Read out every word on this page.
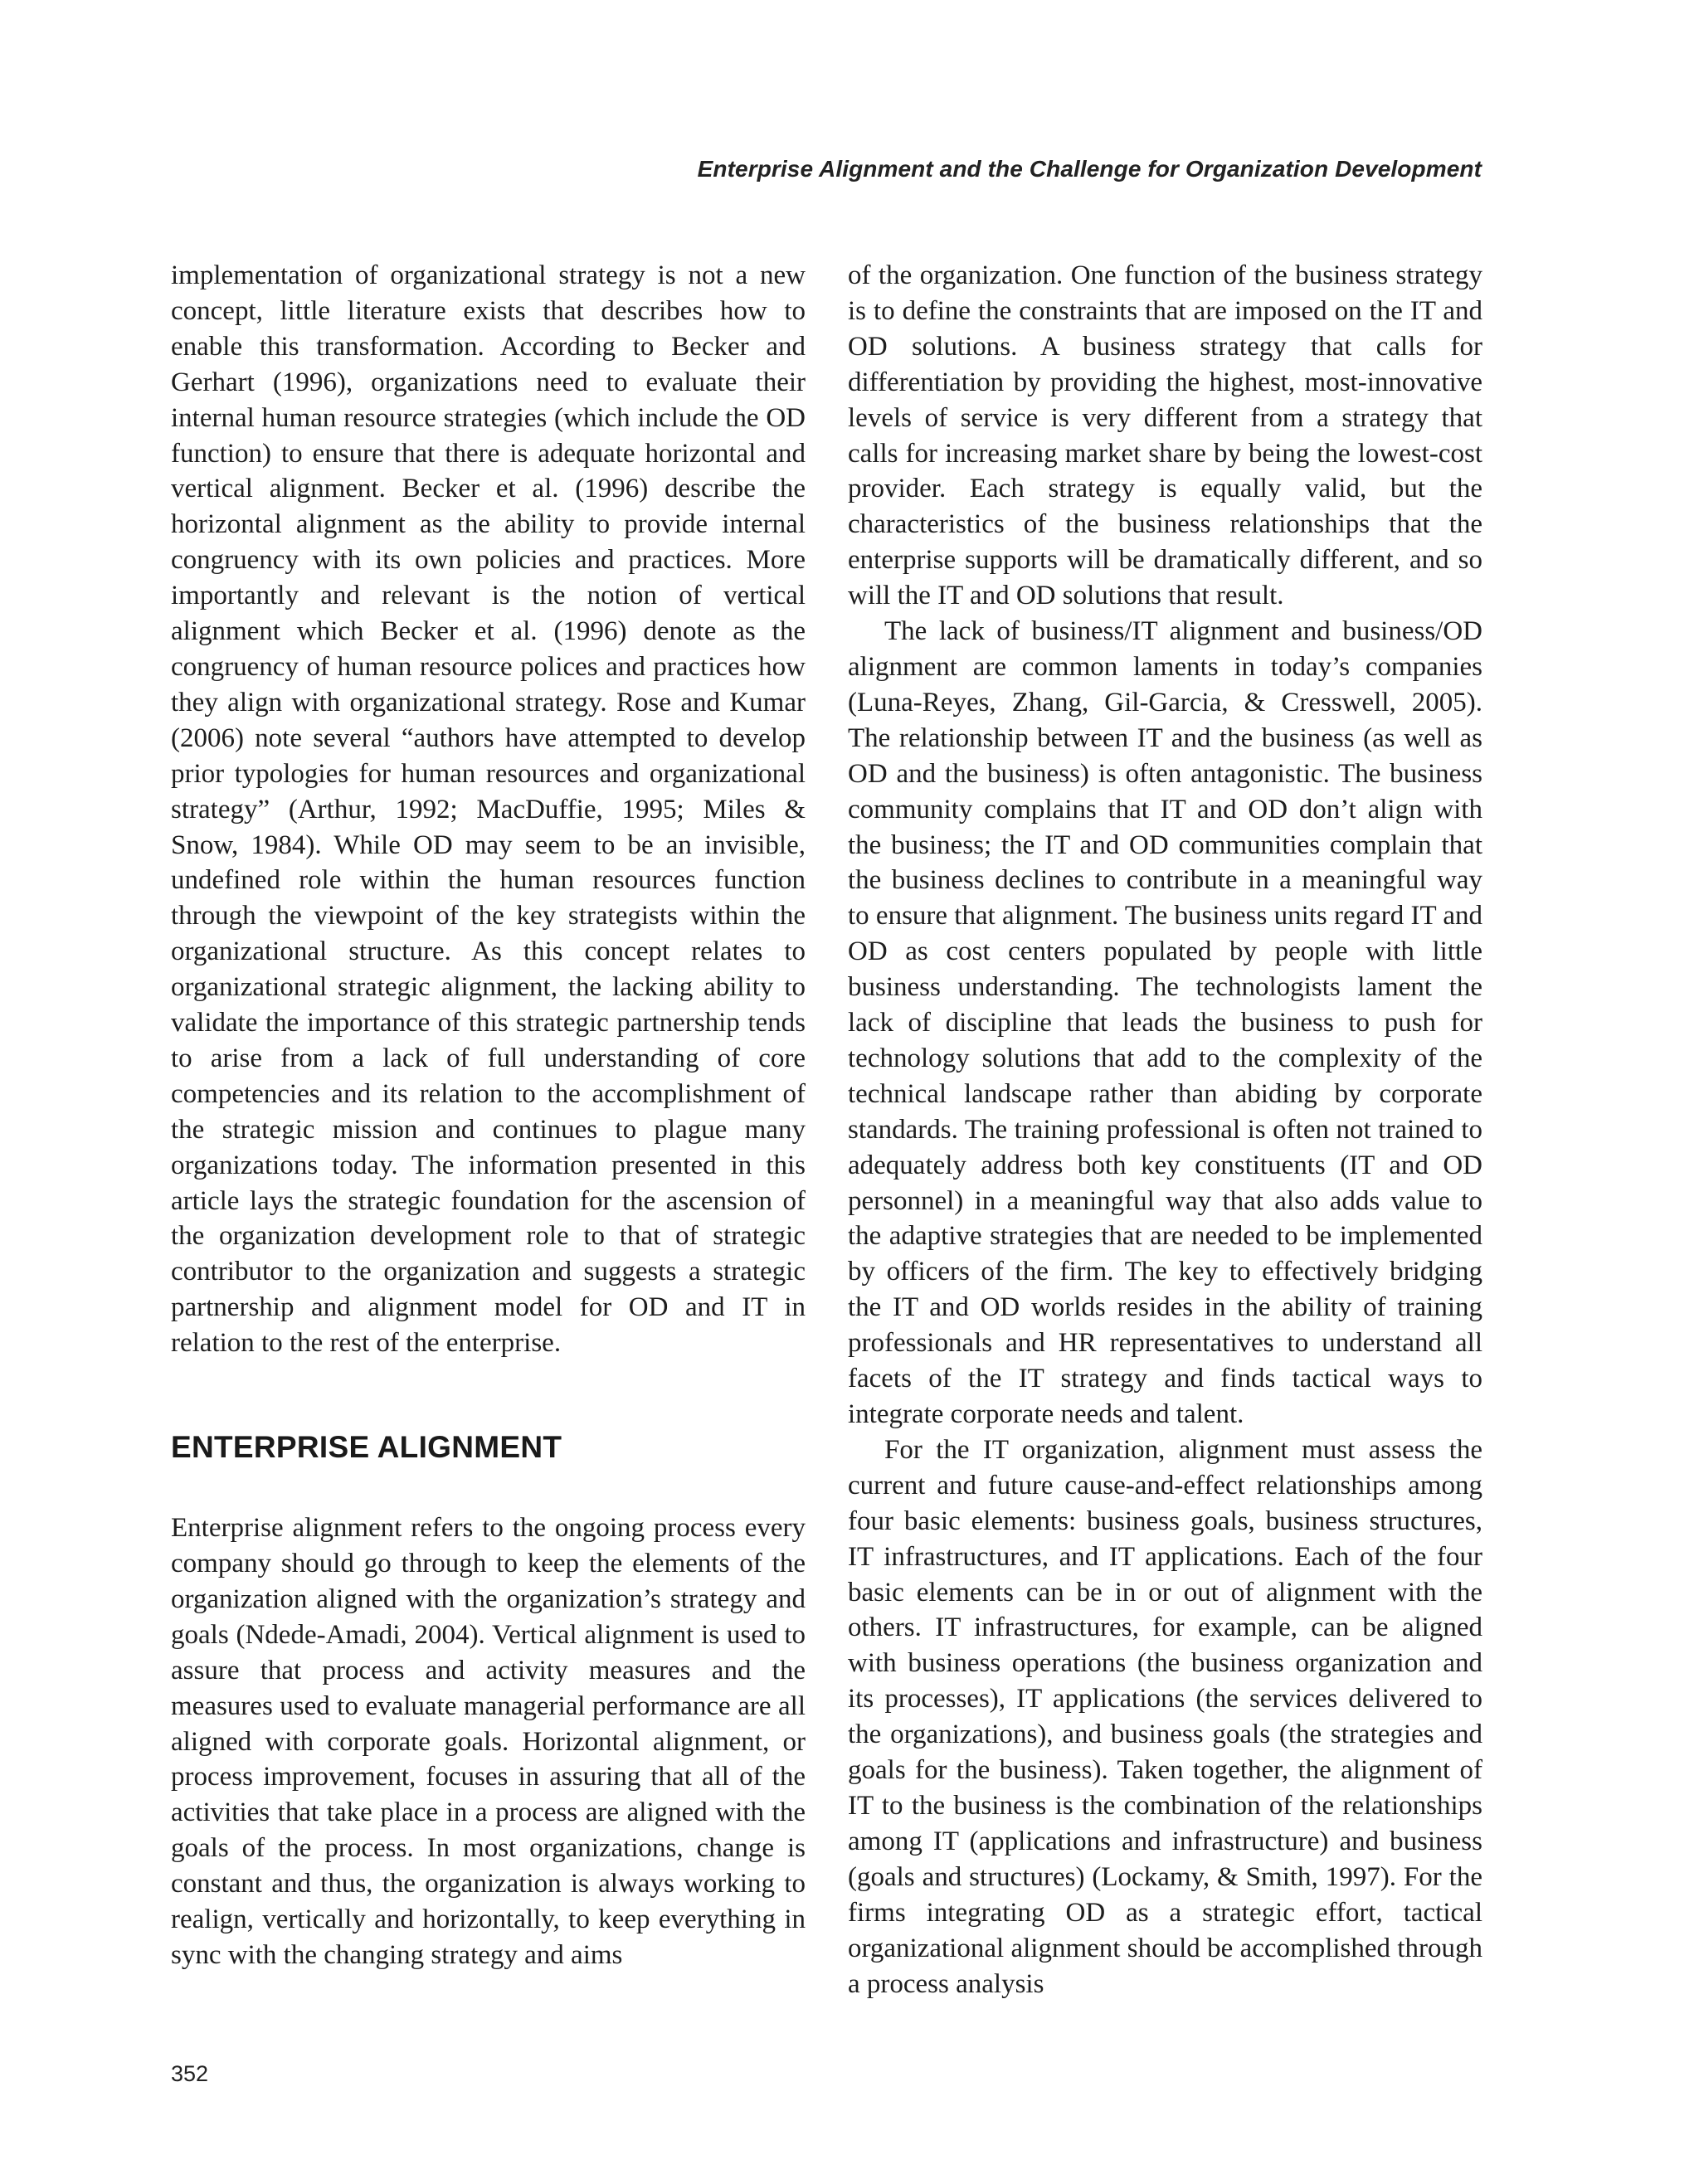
Enterprise Alignment and the Challenge for Organization Development

implementation of organizational strategy is not a new concept, little literature exists that describes how to enable this transformation. According to Becker and Gerhart (1996), organizations need to evaluate their internal human resource strategies (which include the OD function) to ensure that there is adequate horizontal and vertical alignment. Becker et al. (1996) describe the horizontal alignment as the ability to provide internal congruency with its own policies and practices. More importantly and relevant is the notion of vertical alignment which Becker et al. (1996) denote as the congruency of human resource polices and practices how they align with organizational strategy. Rose and Kumar (2006) note several “authors have attempted to develop prior typologies for human resources and organizational strategy” (Arthur, 1992; MacDuffie, 1995; Miles & Snow, 1984). While OD may seem to be an invisible, undefined role within the human resources function through the viewpoint of the key strategists within the organizational structure. As this concept relates to organizational strategic alignment, the lacking ability to validate the importance of this strategic partnership tends to arise from a lack of full understanding of core competencies and its relation to the accomplishment of the strategic mission and continues to plague many organizations today. The information presented in this article lays the strategic foundation for the ascension of the organization development role to that of strategic contributor to the organization and suggests a strategic partnership and alignment model for OD and IT in relation to the rest of the enterprise.

ENTERPRISE ALIGNMENT

Enterprise alignment refers to the ongoing process every company should go through to keep the elements of the organization aligned with the organization’s strategy and goals (Ndede-Amadi, 2004). Vertical alignment is used to assure that process and activity measures and the measures used to evaluate managerial performance are all aligned with corporate goals. Horizontal alignment, or process improvement, focuses in assuring that all of the activities that take place in a process are aligned with the goals of the process. In most organizations, change is constant and thus, the organization is always working to realign, vertically and horizontally, to keep everything in sync with the changing strategy and aims

of the organization. One function of the business strategy is to define the constraints that are imposed on the IT and OD solutions. A business strategy that calls for differentiation by providing the highest, most-innovative levels of service is very different from a strategy that calls for increasing market share by being the lowest-cost provider. Each strategy is equally valid, but the characteristics of the business relationships that the enterprise supports will be dramatically different, and so will the IT and OD solutions that result.

The lack of business/IT alignment and business/OD alignment are common laments in today’s companies (Luna-Reyes, Zhang, Gil-Garcia, & Cresswell, 2005). The relationship between IT and the business (as well as OD and the business) is often antagonistic. The business community complains that IT and OD don’t align with the business; the IT and OD communities complain that the business declines to contribute in a meaningful way to ensure that alignment. The business units regard IT and OD as cost centers populated by people with little business understanding. The technologists lament the lack of discipline that leads the business to push for technology solutions that add to the complexity of the technical landscape rather than abiding by corporate standards. The training professional is often not trained to adequately address both key constituents (IT and OD personnel) in a meaningful way that also adds value to the adaptive strategies that are needed to be implemented by officers of the firm. The key to effectively bridging the IT and OD worlds resides in the ability of training professionals and HR representatives to understand all facets of the IT strategy and finds tactical ways to integrate corporate needs and talent.

For the IT organization, alignment must assess the current and future cause-and-effect relationships among four basic elements: business goals, business structures, IT infrastructures, and IT applications. Each of the four basic elements can be in or out of alignment with the others. IT infrastructures, for example, can be aligned with business operations (the business organization and its processes), IT applications (the services delivered to the organizations), and business goals (the strategies and goals for the business). Taken together, the alignment of IT to the business is the combination of the relationships among IT (applications and infrastructure) and business (goals and structures) (Lockamy, & Smith, 1997). For the firms integrating OD as a strategic effort, tactical organizational alignment should be accomplished through a process analysis

352
